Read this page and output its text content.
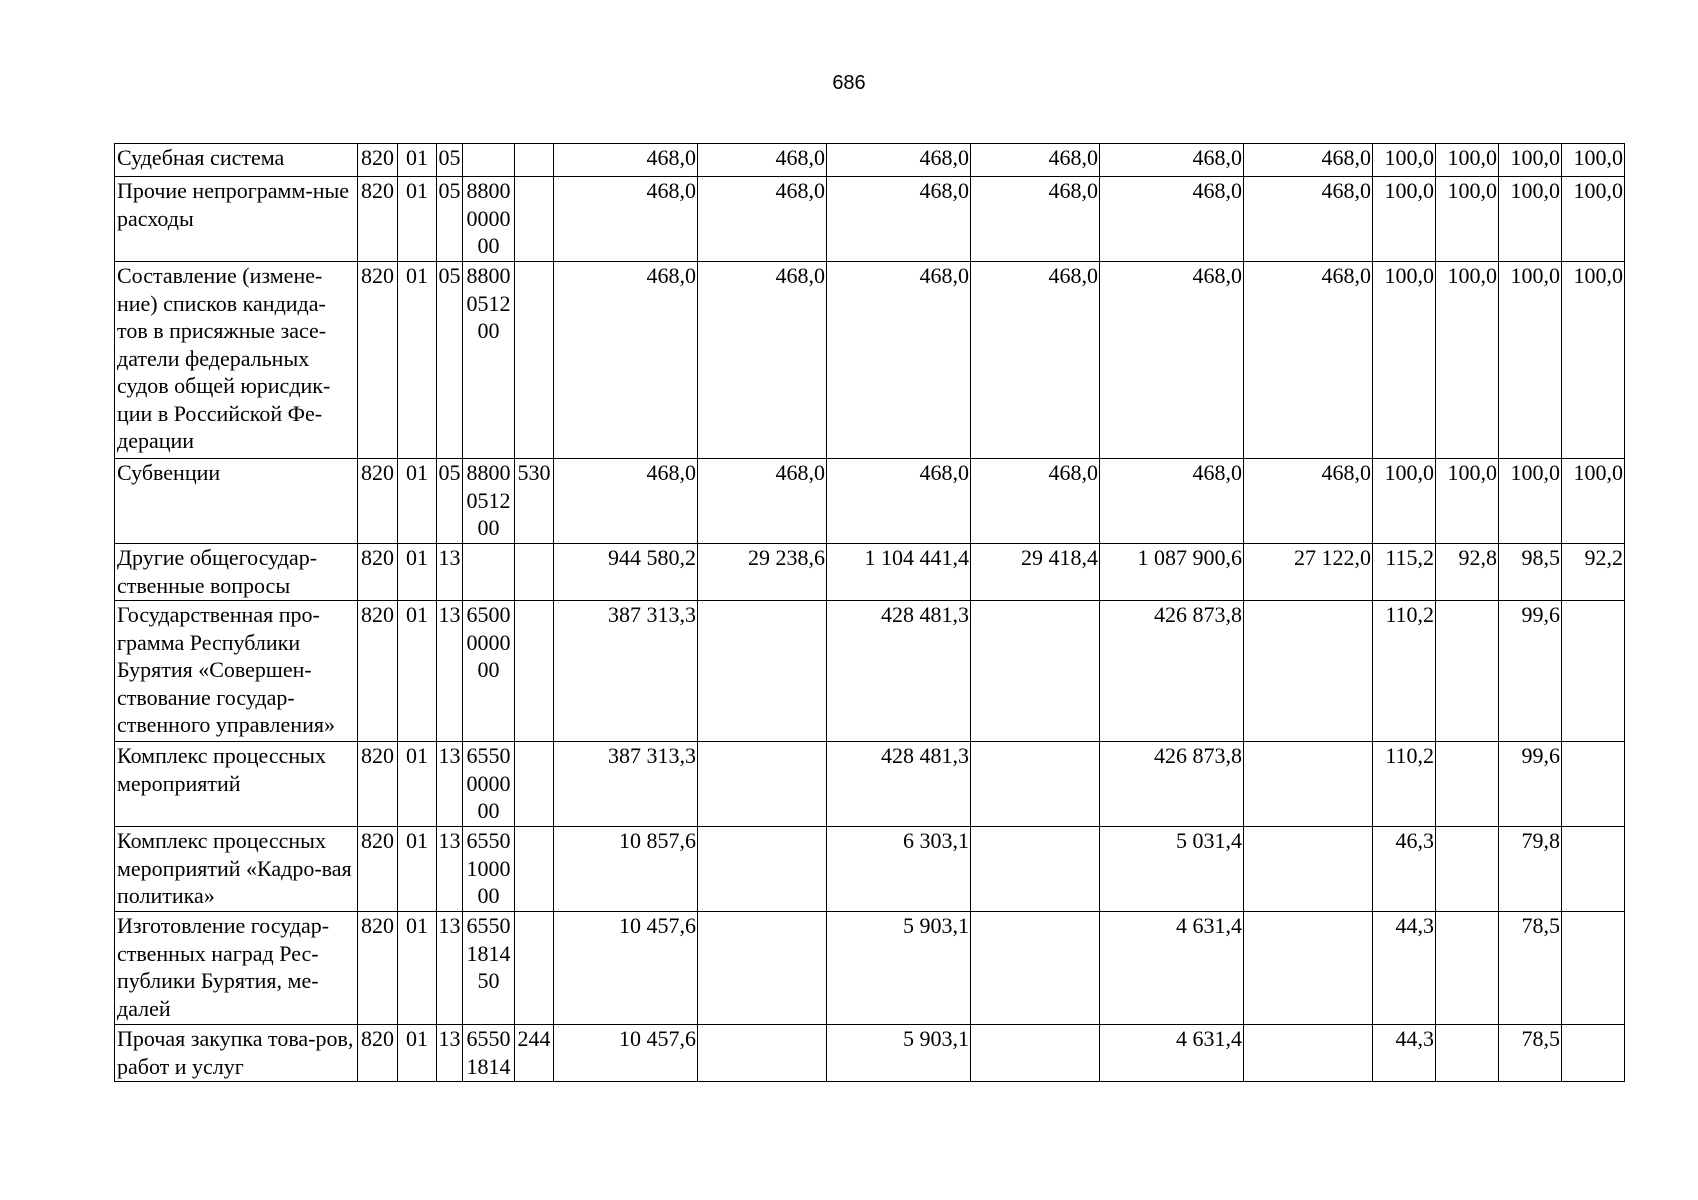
686
Судебная система	820	01	05			468,0	468,0	468,0	468,0	468,0	468,0	100,0	100,0	100,0	100,0
Прочие непрограмм-ные расходы	820	01	05	8800000000		468,0	468,0	468,0	468,0	468,0	468,0	100,0	100,0	100,0	100,0
Составление (измене-ние) списков кандида-тов в присяжные засе-датели федеральных судов общей юрисдик-ции в Российской Фе-дерации	820	01	05	8800051200		468,0	468,0	468,0	468,0	468,0	468,0	100,0	100,0	100,0	100,0
Субвенции	820	01	05	8800051200	530	468,0	468,0	468,0	468,0	468,0	468,0	100,0	100,0	100,0	100,0
Другие общегосудар-ственные вопросы	820	01	13			944 580,2	29 238,6	1 104 441,4	29 418,4	1 087 900,6	27 122,0	115,2	92,8	98,5	92,2
Государственная про-грамма Республики Бурятия «Совершен-ствование государ-ственного управления»	820	01	13	6500000000		387 313,3		428 481,3		426 873,8		110,2		99,6	
Комплекс процессных мероприятий	820	01	13	6550000000		387 313,3		428 481,3		426 873,8		110,2		99,6	
Комплекс процессных мероприятий «Кадро-вая политика»	820	01	13	6550100000		10 857,6		6 303,1		5 031,4		46,3		79,8	
Изготовление государ-ственных наград Рес-публики Бурятия, ме-далей	820	01	13	6550181450		10 457,6		5 903,1		4 631,4		44,3		78,5	
Прочая закупка това-ров, работ и услуг	820	01	13	65501814	244	10 457,6		5 903,1		4 631,4		44,3		78,5	
